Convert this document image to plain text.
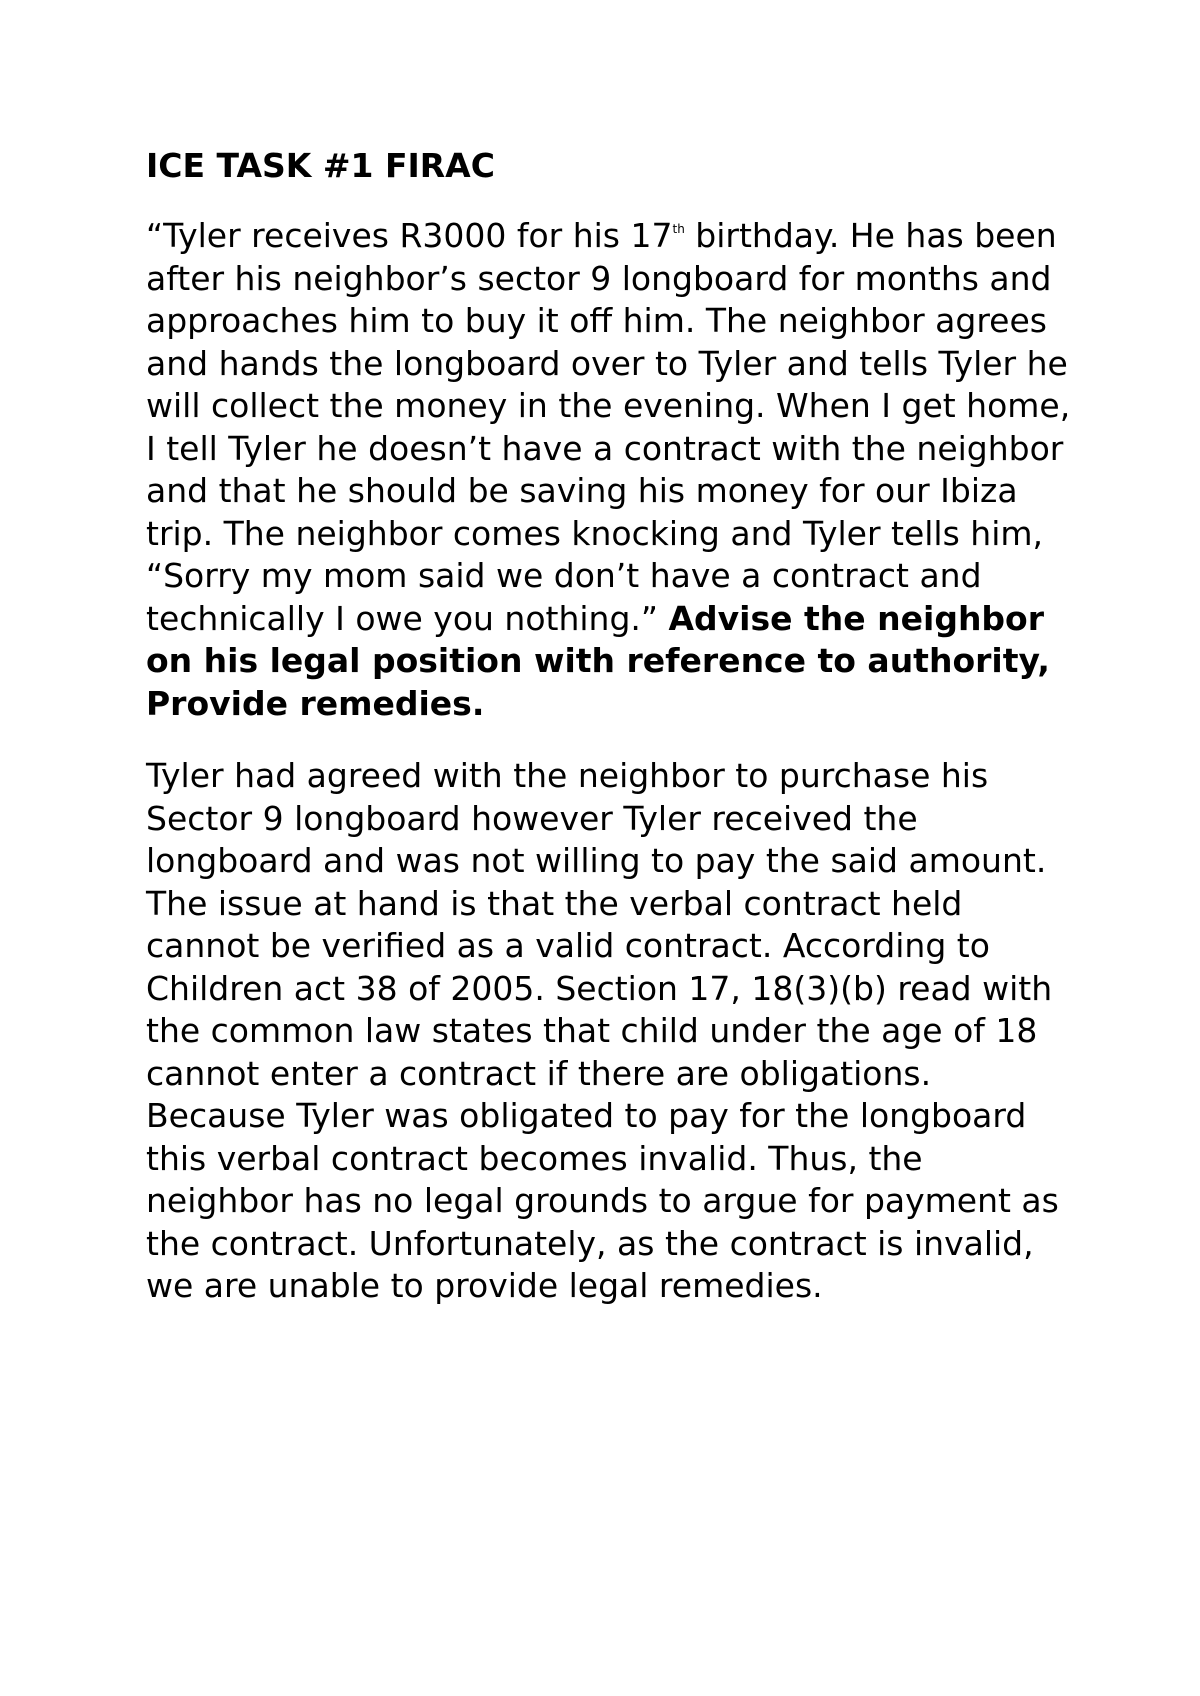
ICE TASK #1 FIRAC

“Tyler receives R3000 for his 17th birthday. He has been after his neighbor’s sector 9 longboard for months and approaches him to buy it off him. The neighbor agrees and hands the longboard over to Tyler and tells Tyler he will collect the money in the evening. When I get home, I tell Tyler he doesn’t have a contract with the neighbor and that he should be saving his money for our Ibiza trip. The neighbor comes knocking and Tyler tells him, “Sorry my mom said we don’t have a contract and technically I owe you nothing.” Advise the neighbor on his legal position with reference to authority, Provide remedies.

Tyler had agreed with the neighbor to purchase his Sector 9 longboard however Tyler received the longboard and was not willing to pay the said amount. The issue at hand is that the verbal contract held cannot be verified as a valid contract. According to Children act 38 of 2005. Section 17, 18(3)(b) read with the common law states that child under the age of 18 cannot enter a contract if there are obligations. Because Tyler was obligated to pay for the longboard this verbal contract becomes invalid. Thus, the neighbor has no legal grounds to argue for payment as the contract. Unfortunately, as the contract is invalid, we are unable to provide legal remedies.
